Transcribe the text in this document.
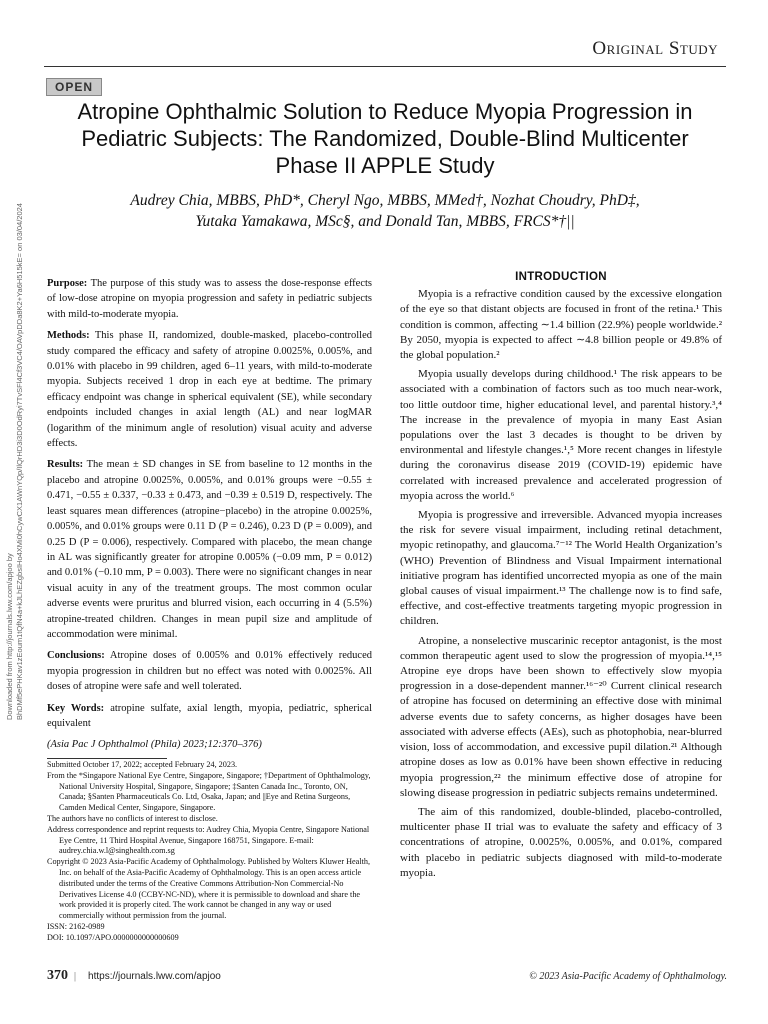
Original Study
OPEN
Atropine Ophthalmic Solution to Reduce Myopia Progression in Pediatric Subjects: The Randomized, Double-Blind Multicenter Phase II APPLE Study
Audrey Chia, MBBS, PhD*, Cheryl Ngo, MBBS, MMed†, Nozhat Choudry, PhD‡,
Yutaka Yamakawa, MSc§, and Donald Tan, MBBS, FRCS*†||
Downloaded from http://journals.lww.com/apjoo by BhDMf5ePHKav1zEoum1tQfN4a+kJLhEZgbsIHo4XMi0hCywCX1AWnYQp/IlQrHD3i3D0OdRyi7TvSFl4Cf3VC4/OAVpDDa8K2+Ya6H515kE= on 03/04/2024	Purpose: The purpose of this study was to assess the dose-response effects of low-dose atropine on myopia progression and safety in pediatric subjects with mild-to-moderate myopia.

Methods: This phase II, randomized, double-masked, placebo-controlled study compared the efficacy and safety of atropine 0.0025%, 0.005%, and 0.01% with placebo in 99 children, aged 6–11 years, with mild-to-moderate myopia. Subjects received 1 drop in each eye at bedtime. The primary efficacy endpoint was change in spherical equivalent (SE), while secondary endpoints included changes in axial length (AL) and near logMAR (logarithm of the minimum angle of resolution) visual acuity and adverse effects.

Results: The mean ± SD changes in SE from baseline to 12 months in the placebo and atropine 0.0025%, 0.005%, and 0.01% groups were −0.55 ± 0.471, −0.55 ± 0.337, −0.33 ± 0.473, and −0.39 ± 0.519 D, respectively. The least squares mean differences (atropine−placebo) in the atropine 0.0025%, 0.005%, and 0.01% groups were 0.11 D (P = 0.246), 0.23 D (P = 0.009), and 0.25 D (P = 0.006), respectively. Compared with placebo, the mean change in AL was significantly greater for atropine 0.005% (−0.09 mm, P = 0.012) and 0.01% (−0.10 mm, P = 0.003). There were no significant changes in near visual acuity in any of the treatment groups. The most common ocular adverse events were pruritus and blurred vision, each occurring in 4 (5.5%) atropine-treated children. Changes in mean pupil size and amplitude of accommodation were minimal.

Conclusions: Atropine doses of 0.005% and 0.01% effectively reduced myopia progression in children but no effect was noted with 0.0025%. All doses of atropine were safe and well tolerated.

Key Words: atropine sulfate, axial length, myopia, pediatric, spherical equivalent

(Asia Pac J Ophthalmol (Phila) 2023;12:370–376)

Submitted October 17, 2022; accepted February 24, 2023.
From the *Singapore National Eye Centre, Singapore, Singapore; †Department of Ophthalmology, National University Hospital, Singapore, Singapore; ‡Santen Canada Inc., Toronto, ON, Canada; §Santen Pharmaceuticals Co. Ltd, Osaka, Japan; and ||Eye and Retina Surgeons, Camden Medical Center, Singapore, Singapore.
The authors have no conflicts of interest to disclose.
Address correspondence and reprint requests to: Audrey Chia, Myopia Centre, Singapore National Eye Centre, 11 Third Hospital Avenue, Singapore 168751, Singapore. E-mail: audrey.chia.w.l@singhealth.com.sg
Copyright © 2023 Asia-Pacific Academy of Ophthalmology. Published by Wolters Kluwer Health, Inc. on behalf of the Asia-Pacific Academy of Ophthalmology. This is an open access article distributed under the terms of the Creative Commons Attribution-Non Commercial-No Derivatives License 4.0 (CCBY-NC-ND), where it is permissible to download and share the work provided it is properly cited. The work cannot be changed in any way or used commercially without permission from the journal.
ISSN: 2162-0989
DOI: 10.1097/APO.0000000000000609
INTRODUCTION

Myopia is a refractive condition caused by the excessive elongation of the eye so that distant objects are focused in front of the retina.¹ This condition is common, affecting ∼1.4 billion (22.9%) people worldwide.² By 2050, myopia is expected to affect ∼4.8 billion people or 49.8% of the global population.²

Myopia usually develops during childhood.¹ The risk appears to be associated with a combination of factors such as too much near-work, too little outdoor time, higher educational level, and parental history.³,⁴ The increase in the prevalence of myopia in many East Asian populations over the last 3 decades is thought to be driven by environmental and lifestyle changes.¹,⁵ More recent changes in lifestyle during the coronavirus disease 2019 (COVID-19) epidemic have correlated with increased prevalence and accelerated progression of myopia across the world.⁶

Myopia is progressive and irreversible. Advanced myopia increases the risk for severe visual impairment, including retinal detachment, myopic retinopathy, and glaucoma.⁷⁻¹² The World Health Organization’s (WHO) Prevention of Blindness and Visual Impairment international initiative program has identified uncorrected myopia as one of the main global causes of visual impairment.¹³ The challenge now is to find safe, effective, and cost-effective treatments targeting myopic progression in children.

Atropine, a nonselective muscarinic receptor antagonist, is the most common therapeutic agent used to slow the progression of myopia.¹⁴,¹⁵ Atropine eye drops have been shown to effectively slow myopia progression in a dose-dependent manner.¹⁶⁻²⁰ Current clinical research of atropine has focused on determining an effective dose with minimal adverse events due to safety concerns, as higher dosages have been associated with adverse effects (AEs), such as photophobia, near-blurred vision, loss of accommodation, and excessive pupil dilation.²¹ Although atropine doses as low as 0.01% have been shown effective in reducing myopia progression,²² the minimum effective dose of atropine for slowing disease progression in pediatric subjects remains undetermined.

The aim of this randomized, double-blinded, placebo-controlled, multicenter phase II trial was to evaluate the safety and efficacy of 3 concentrations of atropine, 0.0025%, 0.005%, and 0.01%, compared with placebo in pediatric subjects diagnosed with mild-to-moderate myopia.

370 | https://journals.lww.com/apjoo	© 2023 Asia-Pacific Academy of Ophthalmology.
